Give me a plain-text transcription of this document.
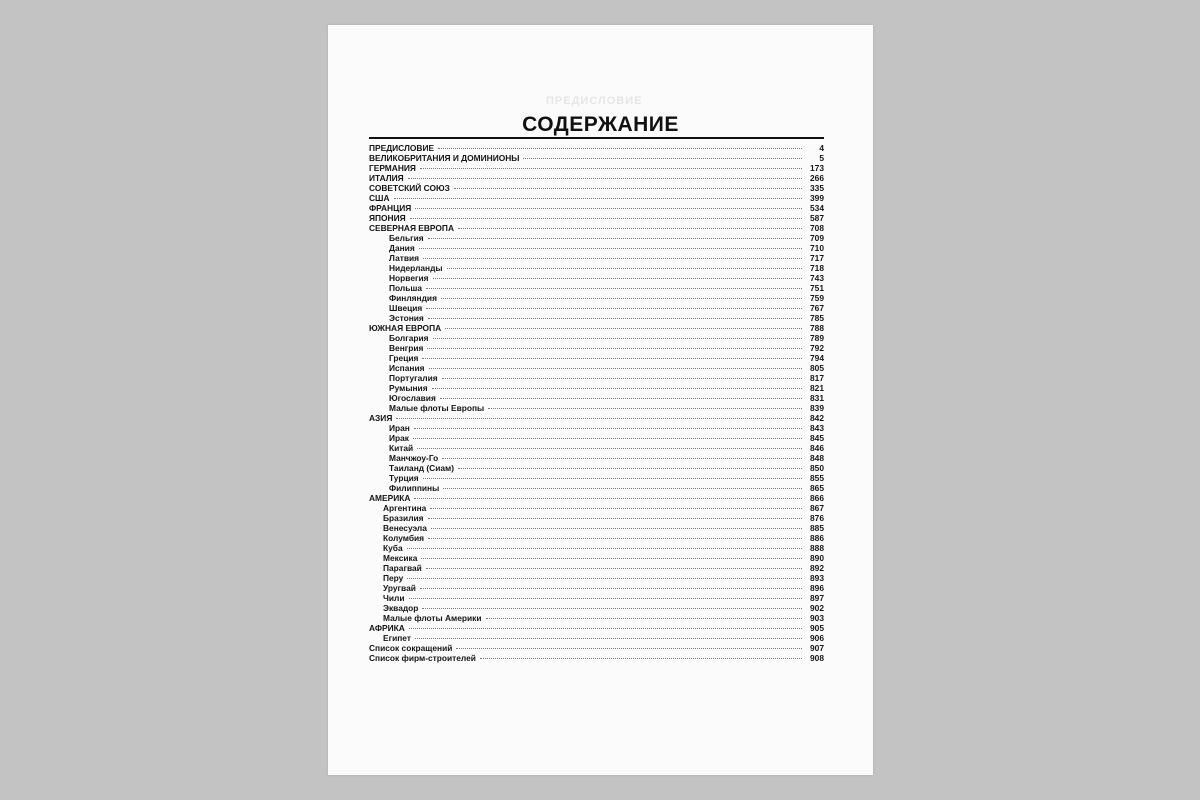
ПРЕДИСЛОВИЕ
СОДЕРЖАНИЕ
ПРЕДИСЛОВИЕ	4
ВЕЛИКОБРИТАНИЯ И ДОМИНИОНЫ	5
ГЕРМАНИЯ	173
ИТАЛИЯ	266
СОВЕТСКИЙ СОЮЗ	335
США	399
ФРАНЦИЯ	534
ЯПОНИЯ	587
СЕВЕРНАЯ ЕВРОПА	708
Бельгия	709
Дания	710
Латвия	717
Нидерланды	718
Норвегия	743
Польша	751
Финляндия	759
Швеция	767
Эстония	785
ЮЖНАЯ ЕВРОПА	788
Болгария	789
Венгрия	792
Греция	794
Испания	805
Португалия	817
Румыния	821
Югославия	831
Малые флоты Европы	839
АЗИЯ	842
Иран	843
Ирак	845
Китай	846
Манчжоу-Го	848
Таиланд (Сиам)	850
Турция	855
Филиппины	865
АМЕРИКА	866
Аргентина	867
Бразилия	876
Венесуэла	885
Колумбия	886
Куба	888
Мексика	890
Парагвай	892
Перу	893
Уругвай	896
Чили	897
Эквадор	902
Малые флоты Америки	903
АФРИКА	905
Египет	906
Список сокращений	907
Список фирм-строителей	908
